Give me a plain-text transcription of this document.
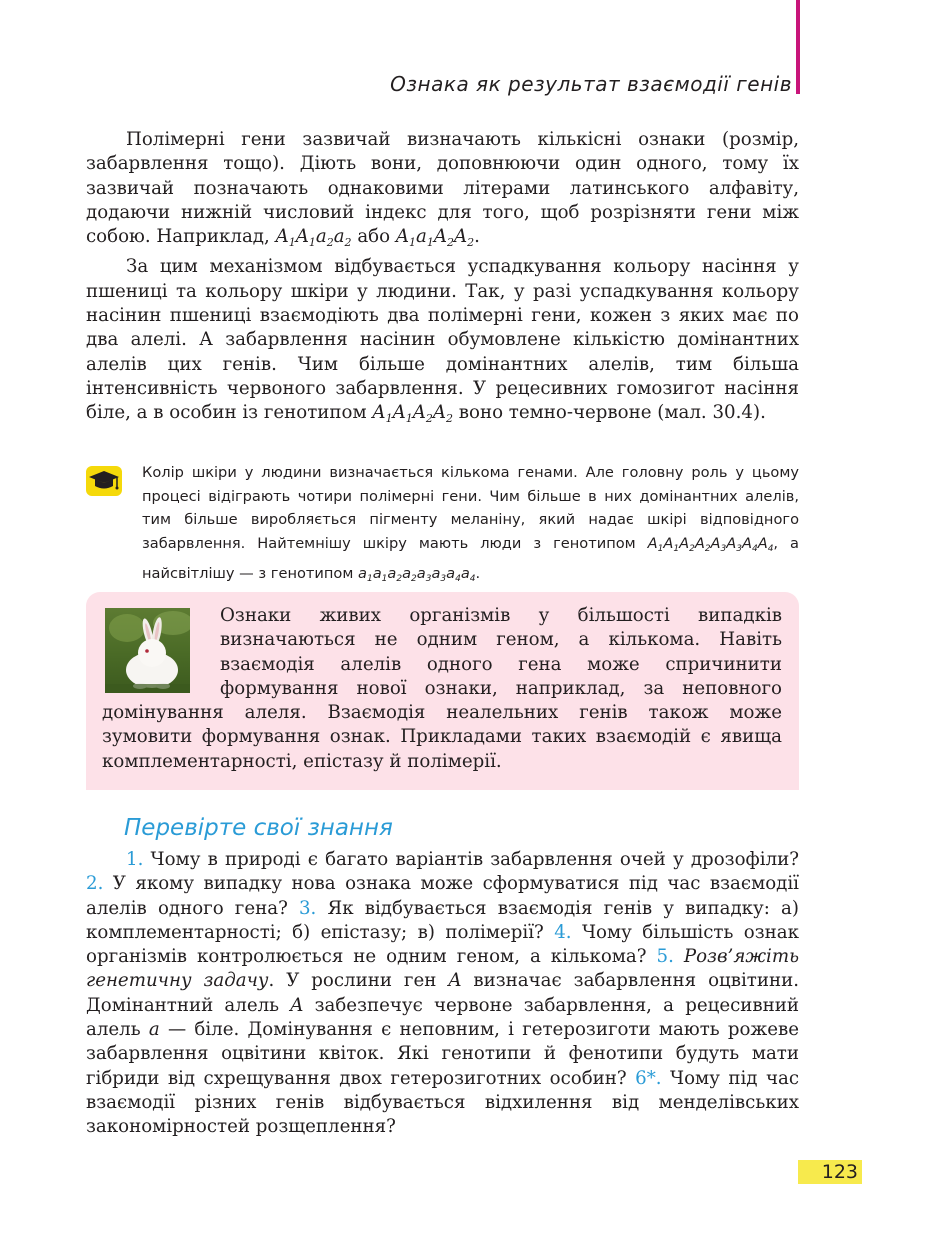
Ознака як результат взаємодії генів

Полімерні гени зазвичай визначають кількісні ознаки (розмір, забарвлення тощо). Діють вони, доповнюючи один одного, тому їх зазвичай позначають однаковими літерами латинського алфавіту, додаючи нижній числовий індекс для того, щоб розрізняти гени між собою. Наприклад, $A_1A_1a_2a_2$ або $A_1a_1A_2A_2$.

За цим механізмом відбувається успадкування кольору насіння у пшениці та кольору шкіри у людини. Так, у разі успадкування кольору насінин пшениці взаємодіють два полімерні гени, кожен з яких має по два алелі. А забарвлення насінин обумовлене кількістю домінантних алелів цих генів. Чим більше домінантних алелів, тим більша інтенсивність червоного забарвлення. У рецесивних гомозигот насіння біле, а в особин із генотипом $A_1A_1A_2A_2$ воно темно-червоне (мал. 30.4).

Колір шкіри у людини визначається кількома генами. Але головну роль у цьому процесі відіграють чотири полімерні гени. Чим більше в них домінантних алелів, тим більше виробляється пігменту меланіну, який надає шкірі відповідного забарвлення. Найтемнішу шкіру мають люди з генотипом $A_1A_1A_2A_2A_3A_3A_4A_4$, а найсвітлішу — з генотипом $a_1a_1a_2a_2a_3a_3a_4a_4$.
Ознаки живих організмів у більшості випадків визначаються не одним геном, а кількома. Навіть взаємодія алелів одного гена може спричинити формування нової ознаки, наприклад, за неповного домінування алеля. Взаємодія неалельних генів також може зумовити формування ознак. Прикладами таких взаємодій є явища комплементарності, епістазу й полімерії.
Перевірте свої знання
1. Чому в природі є багато варіантів забарвлення очей у дрозофіли? 2. У якому випадку нова ознака може сформуватися під час взаємодії алелів одного гена? 3. Як відбувається взаємодія генів у випадку: а) комплементарності; б) епістазу; в) полімерії? 4. Чому більшість ознак організмів контролюється не одним геном, а кількома? 5. Розв’яжіть генетичну задачу. У рослини ген A визначає забарвлення оцвітини. Домінантний алель A забезпечує червоне забарвлення, а рецесивний алель a — біле. Домінування є неповним, і гетерозиготи мають рожеве забарвлення оцвітини квіток. Які генотипи й фенотипи будуть мати гібриди від схрещування двох гетерозиготних особин? 6*. Чому під час взаємодії різних генів відбувається відхилення від менделівських закономірностей розщеплення?
123
